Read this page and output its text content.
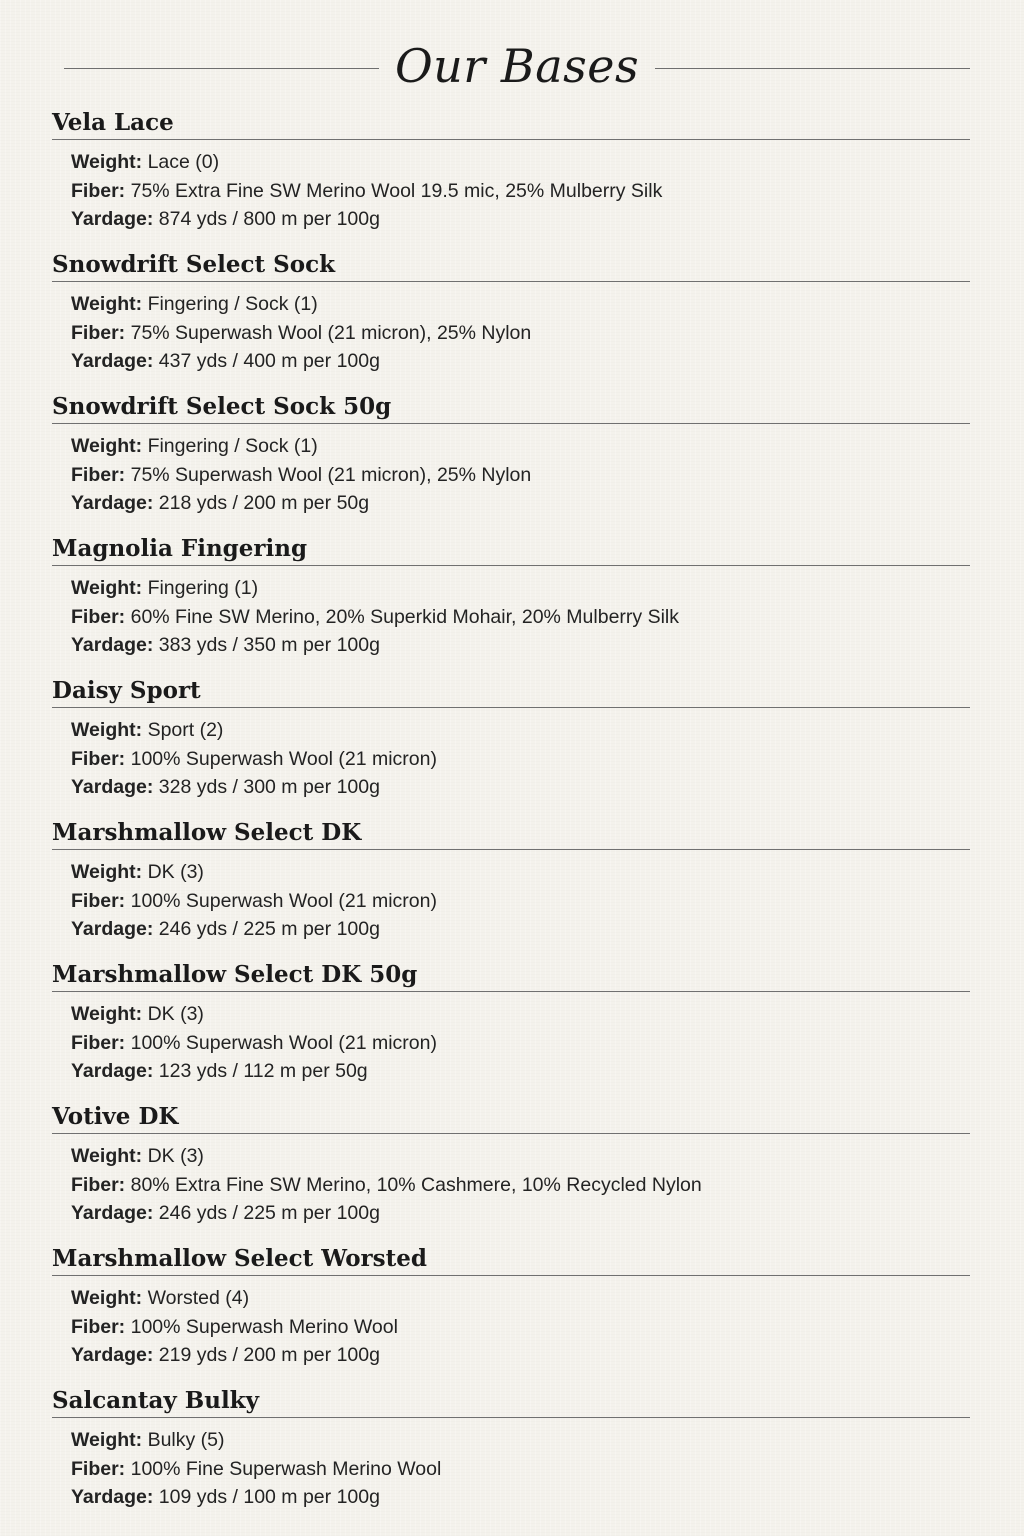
Our Bases
Vela Lace
Weight: Lace (0)
Fiber: 75% Extra Fine SW Merino Wool 19.5 mic, 25% Mulberry Silk
Yardage: 874 yds / 800 m per 100g
Snowdrift Select Sock
Weight: Fingering / Sock (1)
Fiber: 75% Superwash Wool (21 micron), 25% Nylon
Yardage: 437 yds / 400 m per 100g
Snowdrift Select Sock 50g
Weight: Fingering / Sock (1)
Fiber: 75% Superwash Wool (21 micron), 25% Nylon
Yardage: 218 yds / 200 m per 50g
Magnolia Fingering
Weight: Fingering (1)
Fiber: 60% Fine SW Merino, 20% Superkid Mohair, 20% Mulberry Silk
Yardage: 383 yds / 350 m per 100g
Daisy Sport
Weight: Sport (2)
Fiber: 100% Superwash Wool (21 micron)
Yardage: 328 yds / 300 m per 100g
Marshmallow Select DK
Weight: DK (3)
Fiber: 100% Superwash Wool (21 micron)
Yardage: 246 yds / 225 m per 100g
Marshmallow Select DK 50g
Weight: DK (3)
Fiber: 100% Superwash Wool (21 micron)
Yardage: 123 yds / 112 m per 50g
Votive DK
Weight: DK (3)
Fiber: 80% Extra Fine SW Merino, 10% Cashmere, 10% Recycled Nylon
Yardage: 246 yds / 225 m per 100g
Marshmallow Select Worsted
Weight: Worsted (4)
Fiber: 100% Superwash Merino Wool
Yardage: 219 yds / 200 m per 100g
Salcantay Bulky
Weight: Bulky (5)
Fiber: 100% Fine Superwash Merino Wool
Yardage: 109 yds / 100 m per 100g
